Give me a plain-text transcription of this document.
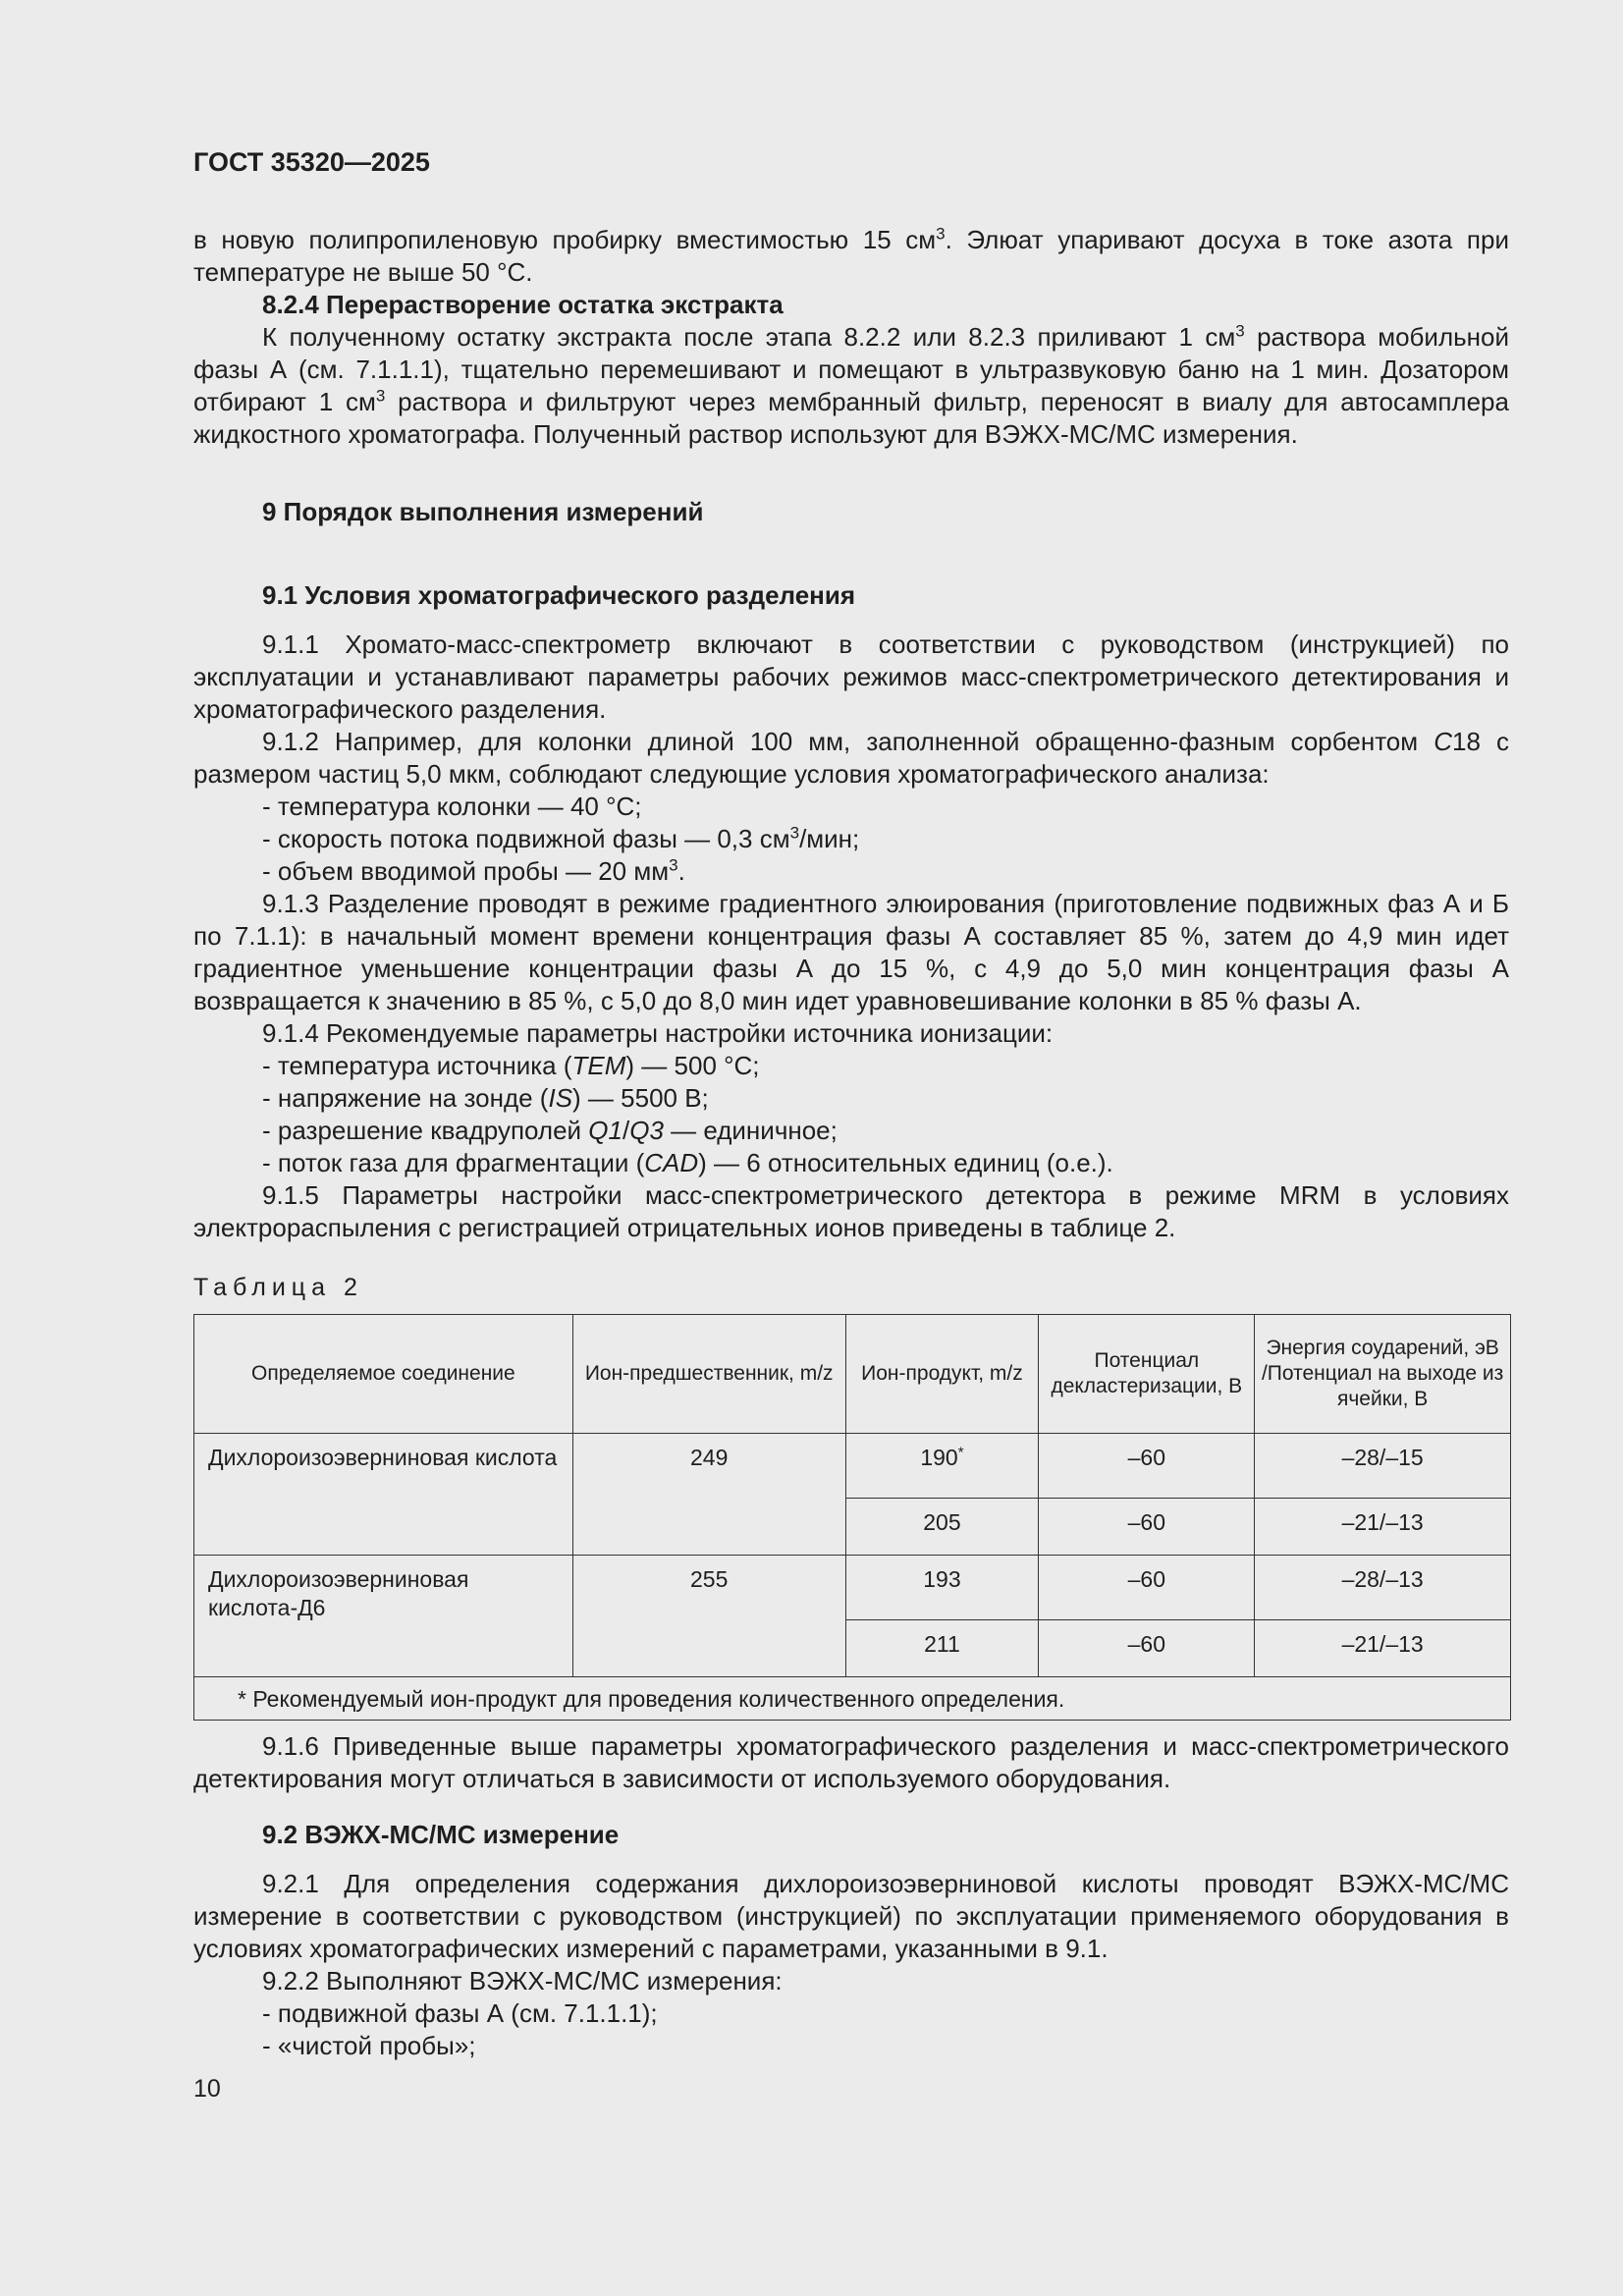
ГОСТ 35320—2025

в новую полипропиленовую пробирку вместимостью 15 $см^3$. Элюат упаривают досуха в токе азота при температуре не выше 50 °С.

8.2.4 Перерастворение остатка экстракта

К полученному остатку экстракта после этапа 8.2.2 или 8.2.3 приливают 1 $см^3$ раствора мобильной фазы А (см. 7.1.1.1), тщательно перемешивают и помещают в ультразвуковую баню на 1 мин. Дозатором отбирают 1 $см^3$ раствора и фильтруют через мембранный фильтр, переносят в виалу для автосамплера жидкостного хроматографа. Полученный раствор используют для ВЭЖХ-МС/МС измерения.

9 Порядок выполнения измерений
9.1 Условия хроматографического разделения

9.1.1 Хромато-масс-спектрометр включают в соответствии с руководством (инструкцией) по эксплуатации и устанавливают параметры рабочих режимов масс-спектрометрического детектирования и хроматографического разделения.

9.1.2 Например, для колонки длиной 100 мм, заполненной обращенно-фазным сорбентом С18 с размером частиц 5,0 мкм, соблюдают следующие условия хроматографического анализа:

- температура колонки — 40 °С;

- скорость потока подвижной фазы — 0,3 $см^3$/мин;

- объем вводимой пробы — 20 $мм^3$.

9.1.3 Разделение проводят в режиме градиентного элюирования (приготовление подвижных фаз А и Б по 7.1.1): в начальный момент времени концентрация фазы А составляет 85 %, затем до 4,9 мин идет градиентное уменьшение концентрации фазы А до 15 %, с 4,9 до 5,0 мин концентрация фазы А возвращается к значению в 85 %, с 5,0 до 8,0 мин идет уравновешивание колонки в 85 % фазы А.

9.1.4 Рекомендуемые параметры настройки источника ионизации:

- температура источника (TEM) — 500 °С;

- напряжение на зонде (IS) — 5500 В;

- разрешение квадруполей Q1/Q3 — единичное;

- поток газа для фрагментации (CAD) — 6 относительных единиц (о.е.).

9.1.5 Параметры настройки масс-спектрометрического детектора в режиме MRM в условиях электрораспыления с регистрацией отрицательных ионов приведены в таблице 2.

Таблица 2
Определяемое соединение	Ион-предшественник, m/z	Ион-продукт, m/z	Потенциал декластеризации, В	Энергия соударений, эВ /Потенциал на выходе из ячейки, В
Дихлороизоэверниновая кислота	249	190*	–60	–28/–15
		205	–60	–21/–13
Дихлороизоэверниновая кислота-Д6	255	193	–60	–28/–13
		211	–60	–21/–13
* Рекомендуемый ион-продукт для проведения количественного определения.				

9.1.6 Приведенные выше параметры хроматографического разделения и масс-спектрометрического детектирования могут отличаться в зависимости от используемого оборудования.

9.2 ВЭЖХ-МС/МС измерение

9.2.1 Для определения содержания дихлороизоэверниновой кислоты проводят ВЭЖХ-МС/МС измерение в соответствии с руководством (инструкцией) по эксплуатации применяемого оборудования в условиях хроматографических измерений с параметрами, указанными в 9.1.

9.2.2 Выполняют ВЭЖХ-МС/МС измерения:

- подвижной фазы А (см. 7.1.1.1);

- «чистой пробы»;

10
